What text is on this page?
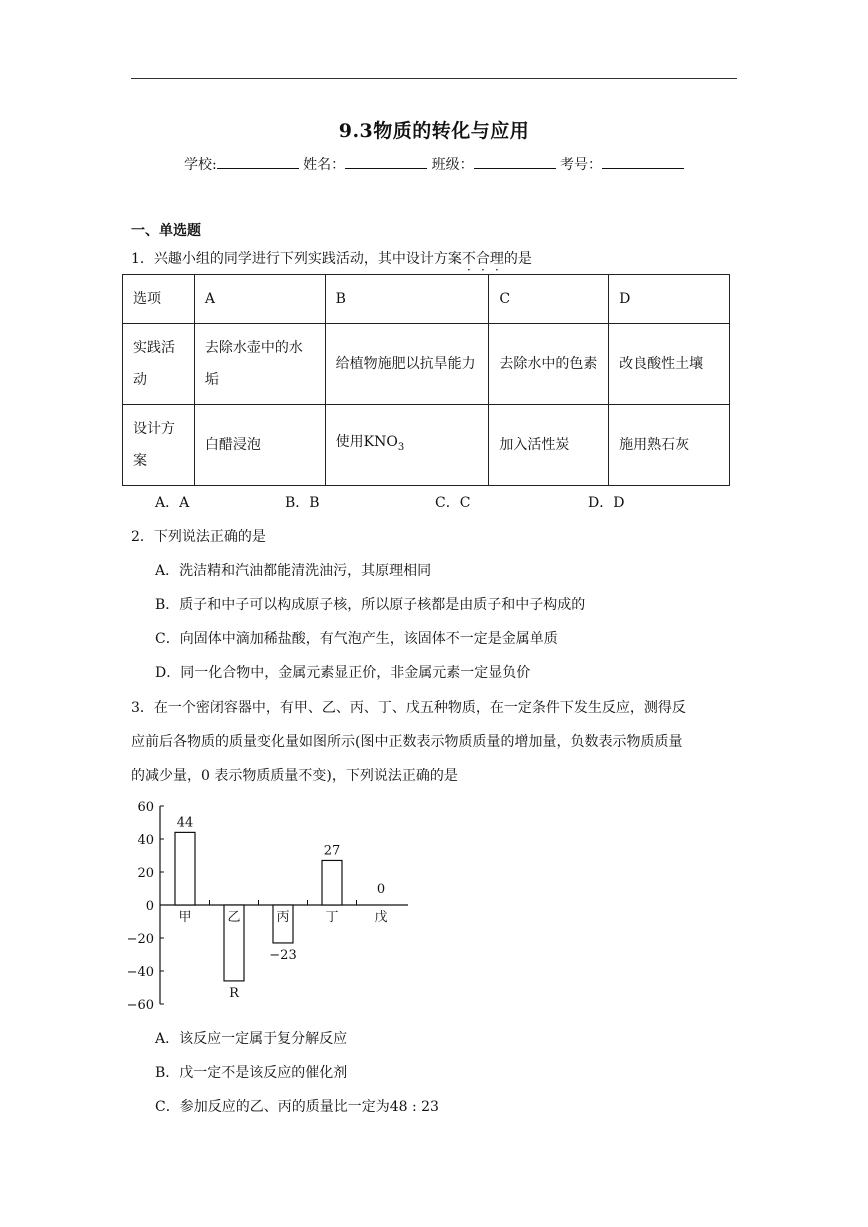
9.3物质的转化与应用
学校:	姓名：	班级：	考号：
一、单选题
1．兴趣小组的同学进行下列实践活动，其中设计方案不合理的是
选项	A	B	C	D
实践活动	去除水壶中的水垢	给植物施肥以抗旱能力	去除水中的色素	改良酸性土壤
设计方案	白醋浸泡	使用$KNO_3$	加入活性炭	施用熟石灰
A．A	B．B	C．C	D．D
2．下列说法正确的是
A．洗洁精和汽油都能清洗油污，其原理相同
B．质子和中子可以构成原子核，所以原子核都是由质子和中子构成的
C．向固体中滴加稀盐酸，有气泡产生，该固体不一定是金属单质
D．同一化合物中，金属元素显正价，非金属元素一定显负价
3．在一个密闭容器中，有甲、乙、丙、丁、戊五种物质，在一定条件下发生反应，测得反
应前后各物质的质量变化量如图所示(图中正数表示物质质量的增加量，负数表示物质质量
的减少量，0 表示物质质量不变)，下列说法正确的是
60
40
20
0
−20
−40
−60
甲
44
乙
R
丙
−23
丁
27
戊
0
A．该反应一定属于复分解反应
B．戊一定不是该反应的催化剂
C．参加反应的乙、丙的质量比一定为48 : 23
